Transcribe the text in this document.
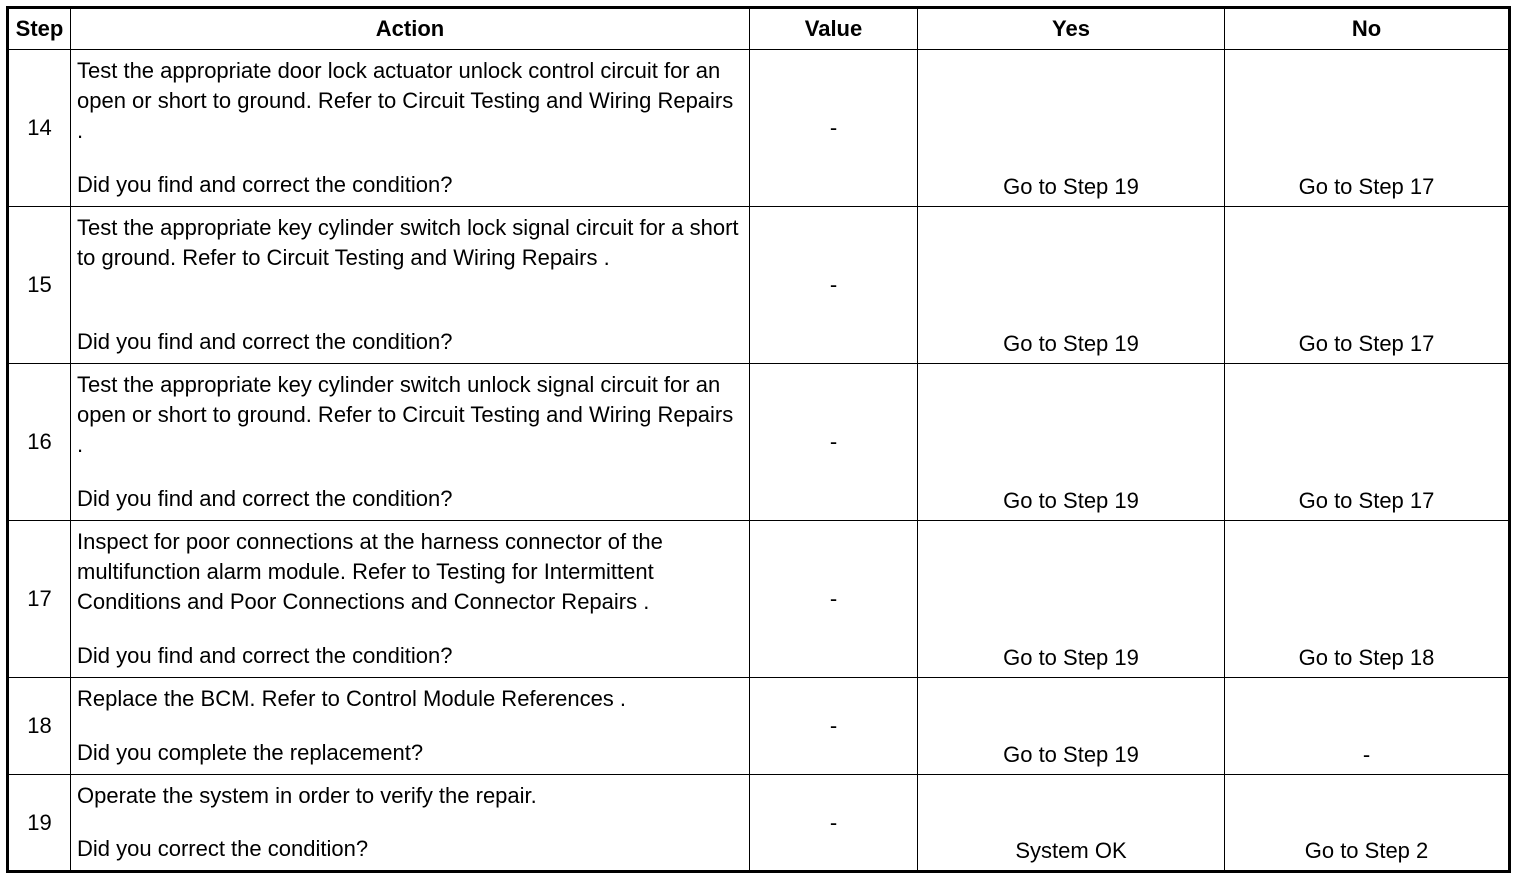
Step	Action	Value	Yes	No
14	Test the appropriate door lock actuator unlock control circuit for an open or short to ground. Refer to Circuit Testing and Wiring Repairs .
Did you find and correct the condition?	-	Go to Step 19	Go to Step 17
15	Test the appropriate key cylinder switch lock signal circuit for a short to ground. Refer to Circuit Testing and Wiring Repairs .
Did you find and correct the condition?	-	Go to Step 19	Go to Step 17
16	Test the appropriate key cylinder switch unlock signal circuit for an open or short to ground. Refer to Circuit Testing and Wiring Repairs .
Did you find and correct the condition?	-	Go to Step 19	Go to Step 17
17	Inspect for poor connections at the harness connector of the multifunction alarm module. Refer to Testing for Intermittent Conditions and Poor Connections and Connector Repairs .
Did you find and correct the condition?	-	Go to Step 19	Go to Step 18
18	Replace the BCM. Refer to Control Module References .
Did you complete the replacement?	-	Go to Step 19	-
19	Operate the system in order to verify the repair.
Did you correct the condition?	-	System OK	Go to Step 2
